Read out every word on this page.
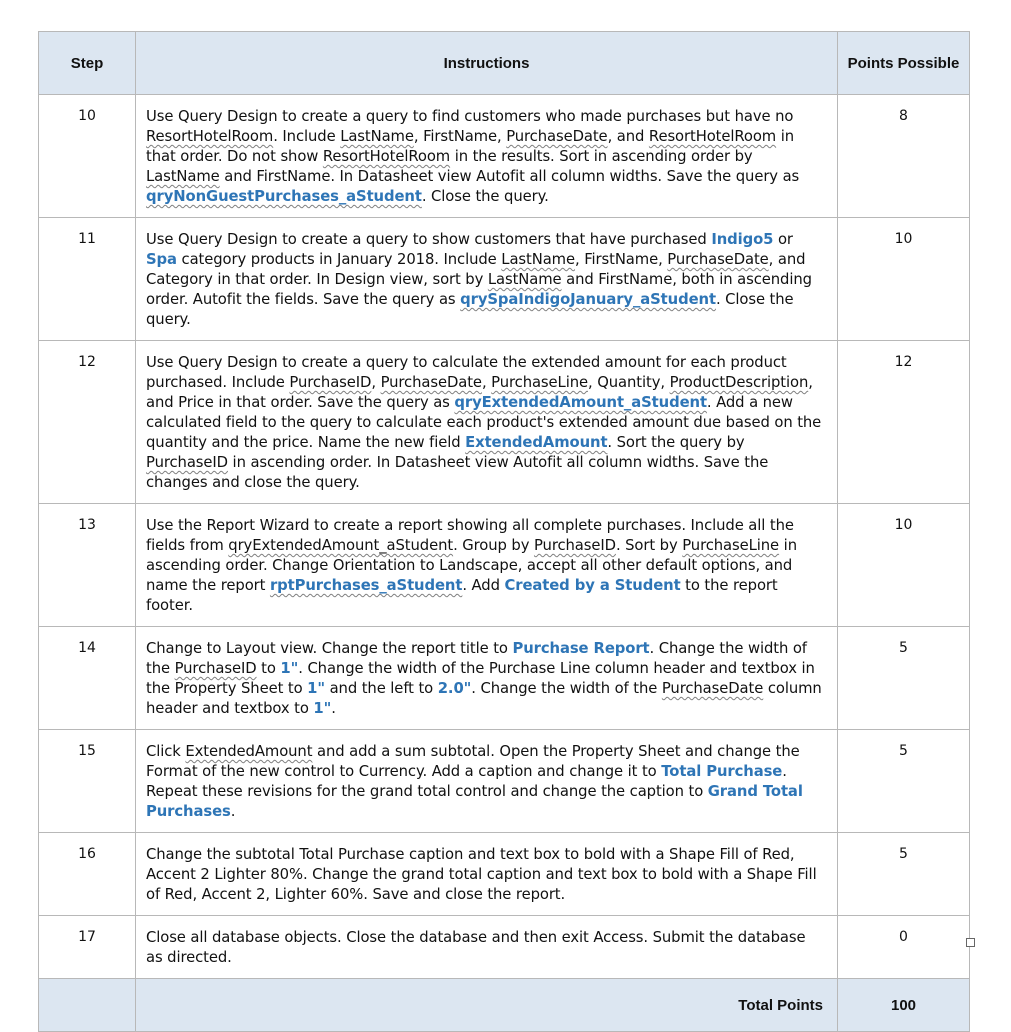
Step	Instructions	Points Possible
10	Use Query Design to create a query to find customers who made purchases but have no ResortHotelRoom. Include LastName, FirstName, PurchaseDate, and ResortHotelRoom in that order. Do not show ResortHotelRoom in the results. Sort in ascending order by LastName and FirstName. In Datasheet view Autofit all column widths. Save the query as qryNonGuestPurchases_aStudent. Close the query.	8
11	Use Query Design to create a query to show customers that have purchased Indigo5 or Spa category products in January 2018. Include LastName, FirstName, PurchaseDate, and Category in that order. In Design view, sort by LastName and FirstName, both in ascending order. Autofit the fields. Save the query as qrySpaIndigoJanuary_aStudent. Close the query.	10
12	Use Query Design to create a query to calculate the extended amount for each product purchased. Include PurchaseID, PurchaseDate, PurchaseLine, Quantity, ProductDescription, and Price in that order. Save the query as qryExtendedAmount_aStudent. Add a new calculated field to the query to calculate each product's extended amount due based on the quantity and the price. Name the new field ExtendedAmount. Sort the query by PurchaseID in ascending order. In Datasheet view Autofit all column widths. Save the changes and close the query.	12
13	Use the Report Wizard to create a report showing all complete purchases. Include all the fields from qryExtendedAmount_aStudent. Group by PurchaseID. Sort by PurchaseLine in ascending order. Change Orientation to Landscape, accept all other default options, and name the report rptPurchases_aStudent. Add Created by a Student to the report footer.	10
14	Change to Layout view. Change the report title to Purchase Report. Change the width of the PurchaseID to 1". Change the width of the Purchase Line column header and textbox in the Property Sheet to 1" and the left to 2.0". Change the width of the PurchaseDate column header and textbox to 1".	5
15	Click ExtendedAmount and add a sum subtotal. Open the Property Sheet and change the Format of the new control to Currency. Add a caption and change it to Total Purchase. Repeat these revisions for the grand total control and change the caption to Grand Total Purchases.	5
16	Change the subtotal Total Purchase caption and text box to bold with a Shape Fill of Red, Accent 2 Lighter 80%. Change the grand total caption and text box to bold with a Shape Fill of Red, Accent 2, Lighter 60%. Save and close the report.	5
17	Close all database objects. Close the database and then exit Access. Submit the database as directed.	0
	Total Points	100
